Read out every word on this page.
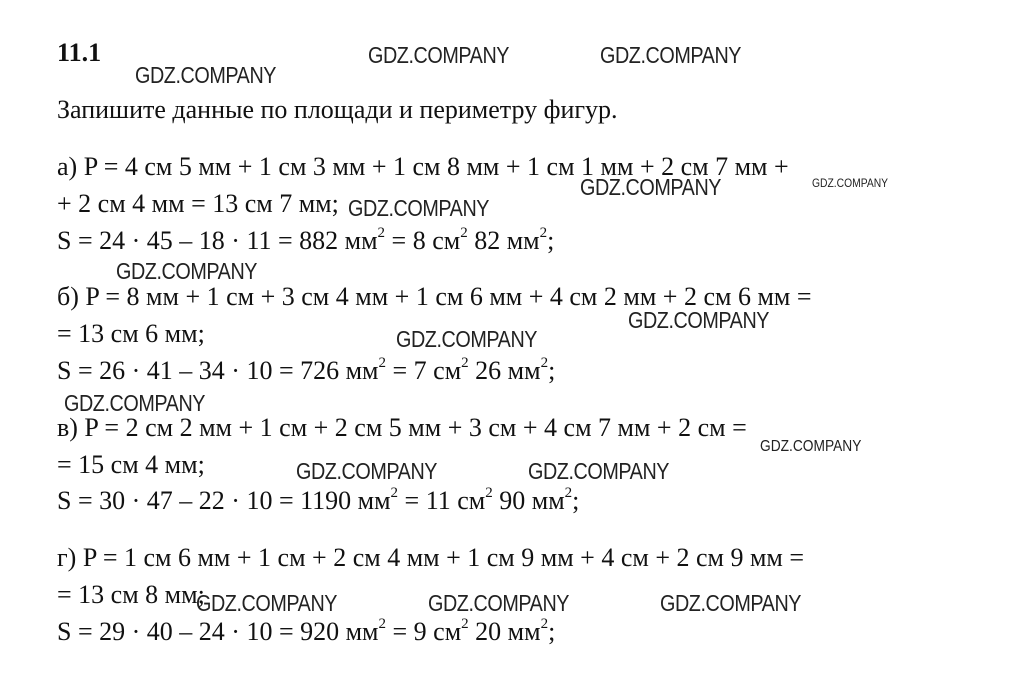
11.1
Запишите данные по площади и периметру фигур.
а) P = 4 см 5 мм + 1 см 3 мм + 1 см 8 мм + 1 см 1 мм + 2 см 7 мм +
+ 2 см 4 мм = 13 см 7 мм;
S = 24 · 45 – 18 · 11 = 882 $мм^2 = 8$ $см^2$ 82 $мм^2$;
б) P = 8 мм + 1 см + 3 см 4 мм + 1 см 6 мм + 4 см 2 мм + 2 см 6 мм =
= 13 см 6 мм;
S = 26 · 41 – 34 · 10 = 726 $мм^2 = 7$ $см^2$ 26 $мм^2$;
в) P = 2 см 2 мм + 1 см + 2 см 5 мм + 3 см + 4 см 7 мм + 2 см =
= 15 см 4 мм;
S = 30 · 47 – 22 · 10 = 1190 $мм^2 = 11$ $см^2$ 90 $мм^2$;
г) P = 1 см 6 мм + 1 см + 2 см 4 мм + 1 см 9 мм + 4 см + 2 см 9 мм =
= 13 см 8 мм;
S = 29 · 40 – 24 · 10 = 920 $мм^2 = 9$ $см^2$ 20 $мм^2$;
GDZ.COMPANY
GDZ.COMPANY	GDZ.COMPANY
GDZ.COMPANY	GDZ.COMPANY
GDZ.COMPANY
GDZ.COMPANY
GDZ.COMPANY
GDZ.COMPANY
GDZ.COMPANY
GDZ.COMPANY
GDZ.COMPANY	GDZ.COMPANY
GDZ.COMPANY	GDZ.COMPANY	GDZ.COMPANY
